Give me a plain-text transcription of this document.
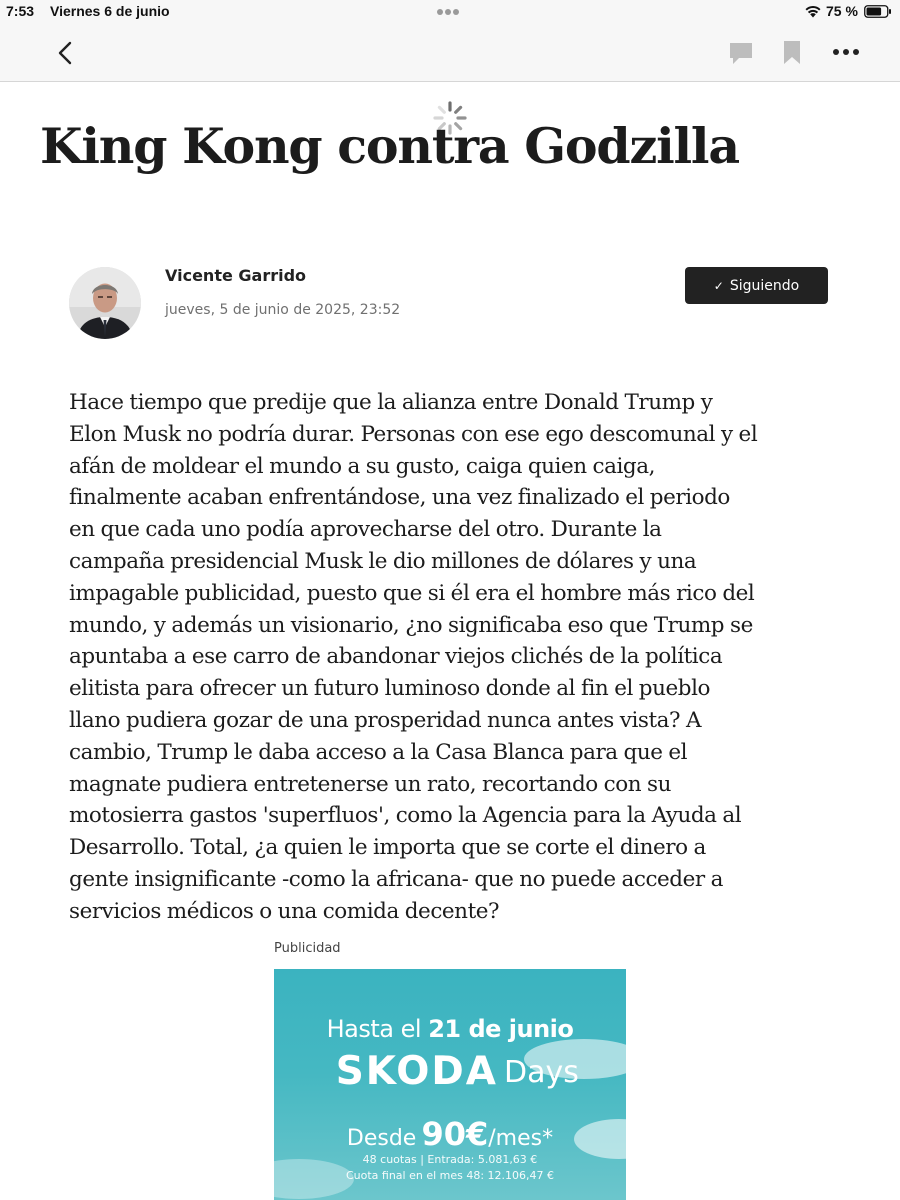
7:53 Viernes 6 de junio	75 %
King Kong contra Godzilla
Vicente Garrido
jueves, 5 de junio de 2025, 23:52
✓ Siguiendo
Hace tiempo que predije que la alianza entre Donald Trump y
Elon Musk no podría durar. Personas con ese ego descomunal y el
afán de moldear el mundo a su gusto, caiga quien caiga,
finalmente acaban enfrentándose, una vez finalizado el periodo
en que cada uno podía aprovecharse del otro. Durante la
campaña presidencial Musk le dio millones de dólares y una
impagable publicidad, puesto que si él era el hombre más rico del
mundo, y además un visionario, ¿no significaba eso que Trump se
apuntaba a ese carro de abandonar viejos clichés de la política
elitista para ofrecer un futuro luminoso donde al fin el pueblo
llano pudiera gozar de una prosperidad nunca antes vista? A
cambio, Trump le daba acceso a la Casa Blanca para que el
magnate pudiera entretenerse un rato, recortando con su
motosierra gastos 'superfluos', como la Agencia para la Ayuda al
Desarrollo. Total, ¿a quien le importa que se corte el dinero a
gente insignificante -como la africana- que no puede acceder a
servicios médicos o una comida decente?
Publicidad
Hasta el 21 de junio
SKODA Days
Desde 90€/mes*
48 cuotas | Entrada: 5.081,63 €
Cuota final en el mes 48: 12.106,47 €
